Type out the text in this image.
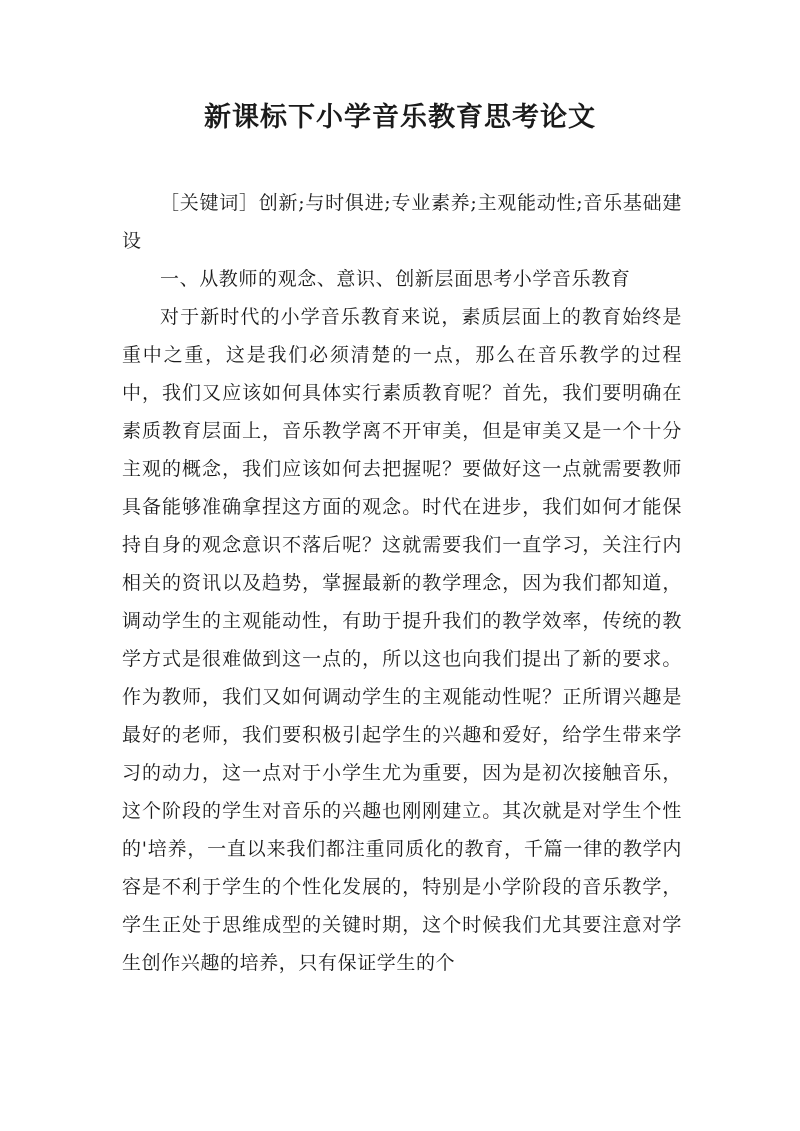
新课标下小学音乐教育思考论文

［关键词］创新;与时俱进;专业素养;主观能动性;音乐基础建设

一、从教师的观念、意识、创新层面思考小学音乐教育

对于新时代的小学音乐教育来说，素质层面上的教育始终是重中之重，这是我们必须清楚的一点，那么在音乐教学的过程中，我们又应该如何具体实行素质教育呢？首先，我们要明确在素质教育层面上，音乐教学离不开审美，但是审美又是一个十分主观的概念，我们应该如何去把握呢？要做好这一点就需要教师具备能够准确拿捏这方面的观念。时代在进步，我们如何才能保持自身的观念意识不落后呢？这就需要我们一直学习，关注行内相关的资讯以及趋势，掌握最新的教学理念，因为我们都知道，调动学生的主观能动性，有助于提升我们的教学效率，传统的教学方式是很难做到这一点的，所以这也向我们提出了新的要求。作为教师，我们又如何调动学生的主观能动性呢？正所谓兴趣是最好的老师，我们要积极引起学生的兴趣和爱好，给学生带来学习的动力，这一点对于小学生尤为重要，因为是初次接触音乐，这个阶段的学生对音乐的兴趣也刚刚建立。其次就是对学生个性的'培养，一直以来我们都注重同质化的教育，千篇一律的教学内容是不利于学生的个性化发展的，特别是小学阶段的音乐教学，学生正处于思维成型的关键时期，这个时候我们尤其要注意对学生创作兴趣的培养，只有保证学生的个
